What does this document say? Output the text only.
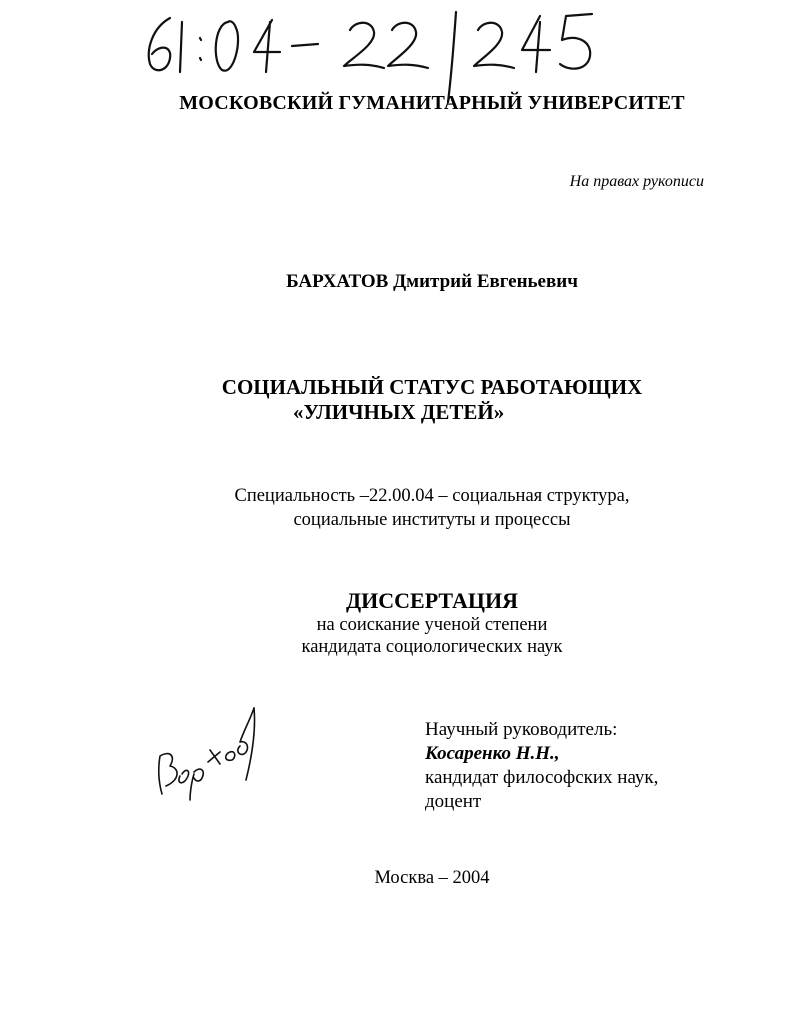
МОСКОВСКИЙ ГУМАНИТАРНЫЙ УНИВЕРСИТЕТ
На правах рукописи
БАРХАТОВ Дмитрий Евгеньевич
СОЦИАЛЬНЫЙ СТАТУС РАБОТАЮЩИХ
«УЛИЧНЫХ ДЕТЕЙ»
Специальность –22.00.04 – социальная структура,
социальные институты и процессы
ДИССЕРТАЦИЯ
на соискание ученой степени
кандидата социологических наук
Научный руководитель:
Косаренко Н.Н.,
кандидат философских наук,
доцент
Москва – 2004
